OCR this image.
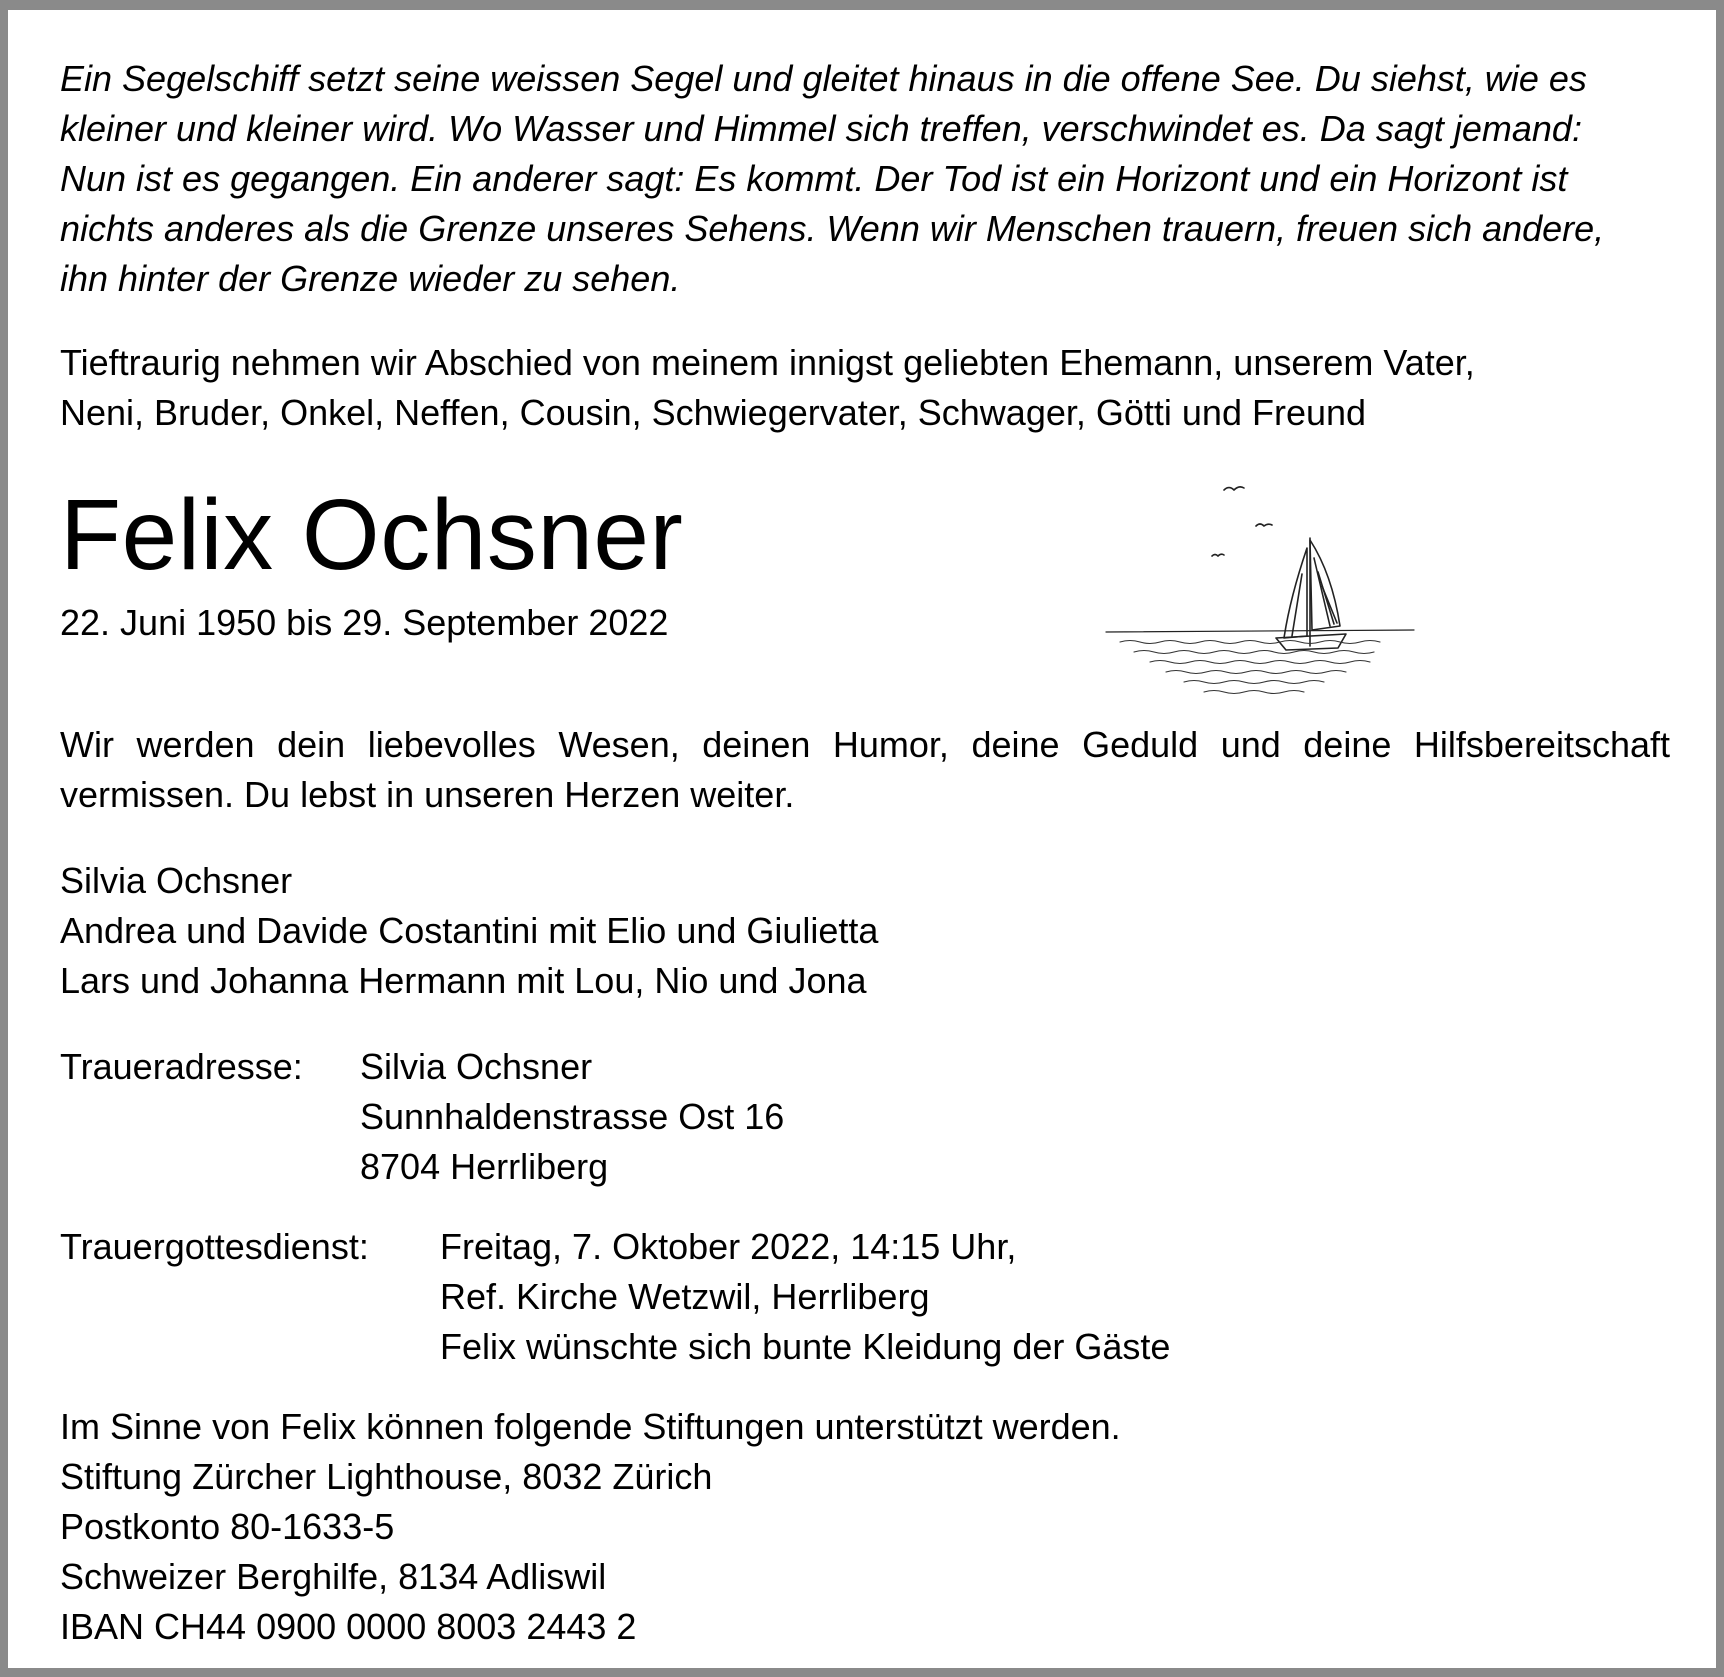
Ein Segelschiff setzt seine weissen Segel und gleitet hinaus in die offene See. Du siehst, wie es
kleiner und kleiner wird. Wo Wasser und Himmel sich treffen, verschwindet es. Da sagt jemand:
Nun ist es gegangen. Ein anderer sagt: Es kommt. Der Tod ist ein Horizont und ein Horizont ist
nichts anderes als die Grenze unseres Sehens. Wenn wir Menschen trauern, freuen sich andere,
ihn hinter der Grenze wieder zu sehen.
Tieftraurig nehmen wir Abschied von meinem innigst geliebten Ehemann, unserem Vater,
Neni, Bruder, Onkel, Neffen, Cousin, Schwiegervater, Schwager, Götti und Freund
Felix Ochsner
22. Juni 1950 bis 29. September 2022
Wir werden dein liebevolles Wesen, deinen Humor, deine Geduld und deine Hilfsbereitschaft vermissen. Du lebst in unseren Herzen weiter.
Silvia Ochsner
Andrea und Davide Costantini mit Elio und Giulietta
Lars und Johanna Hermann mit Lou, Nio und Jona
Traueradresse:	Silvia Ochsner
Sunnhaldenstrasse Ost 16
8704 Herrliberg
Trauergottesdienst:	Freitag, 7. Oktober 2022, 14:15 Uhr,
Ref. Kirche Wetzwil, Herrliberg
Felix wünschte sich bunte Kleidung der Gäste
Im Sinne von Felix können folgende Stiftungen unterstützt werden.
Stiftung Zürcher Lighthouse, 8032 Zürich
Postkonto 80-1633-5
Schweizer Berghilfe, 8134 Adliswil
IBAN CH44 0900 0000 8003 2443 2
